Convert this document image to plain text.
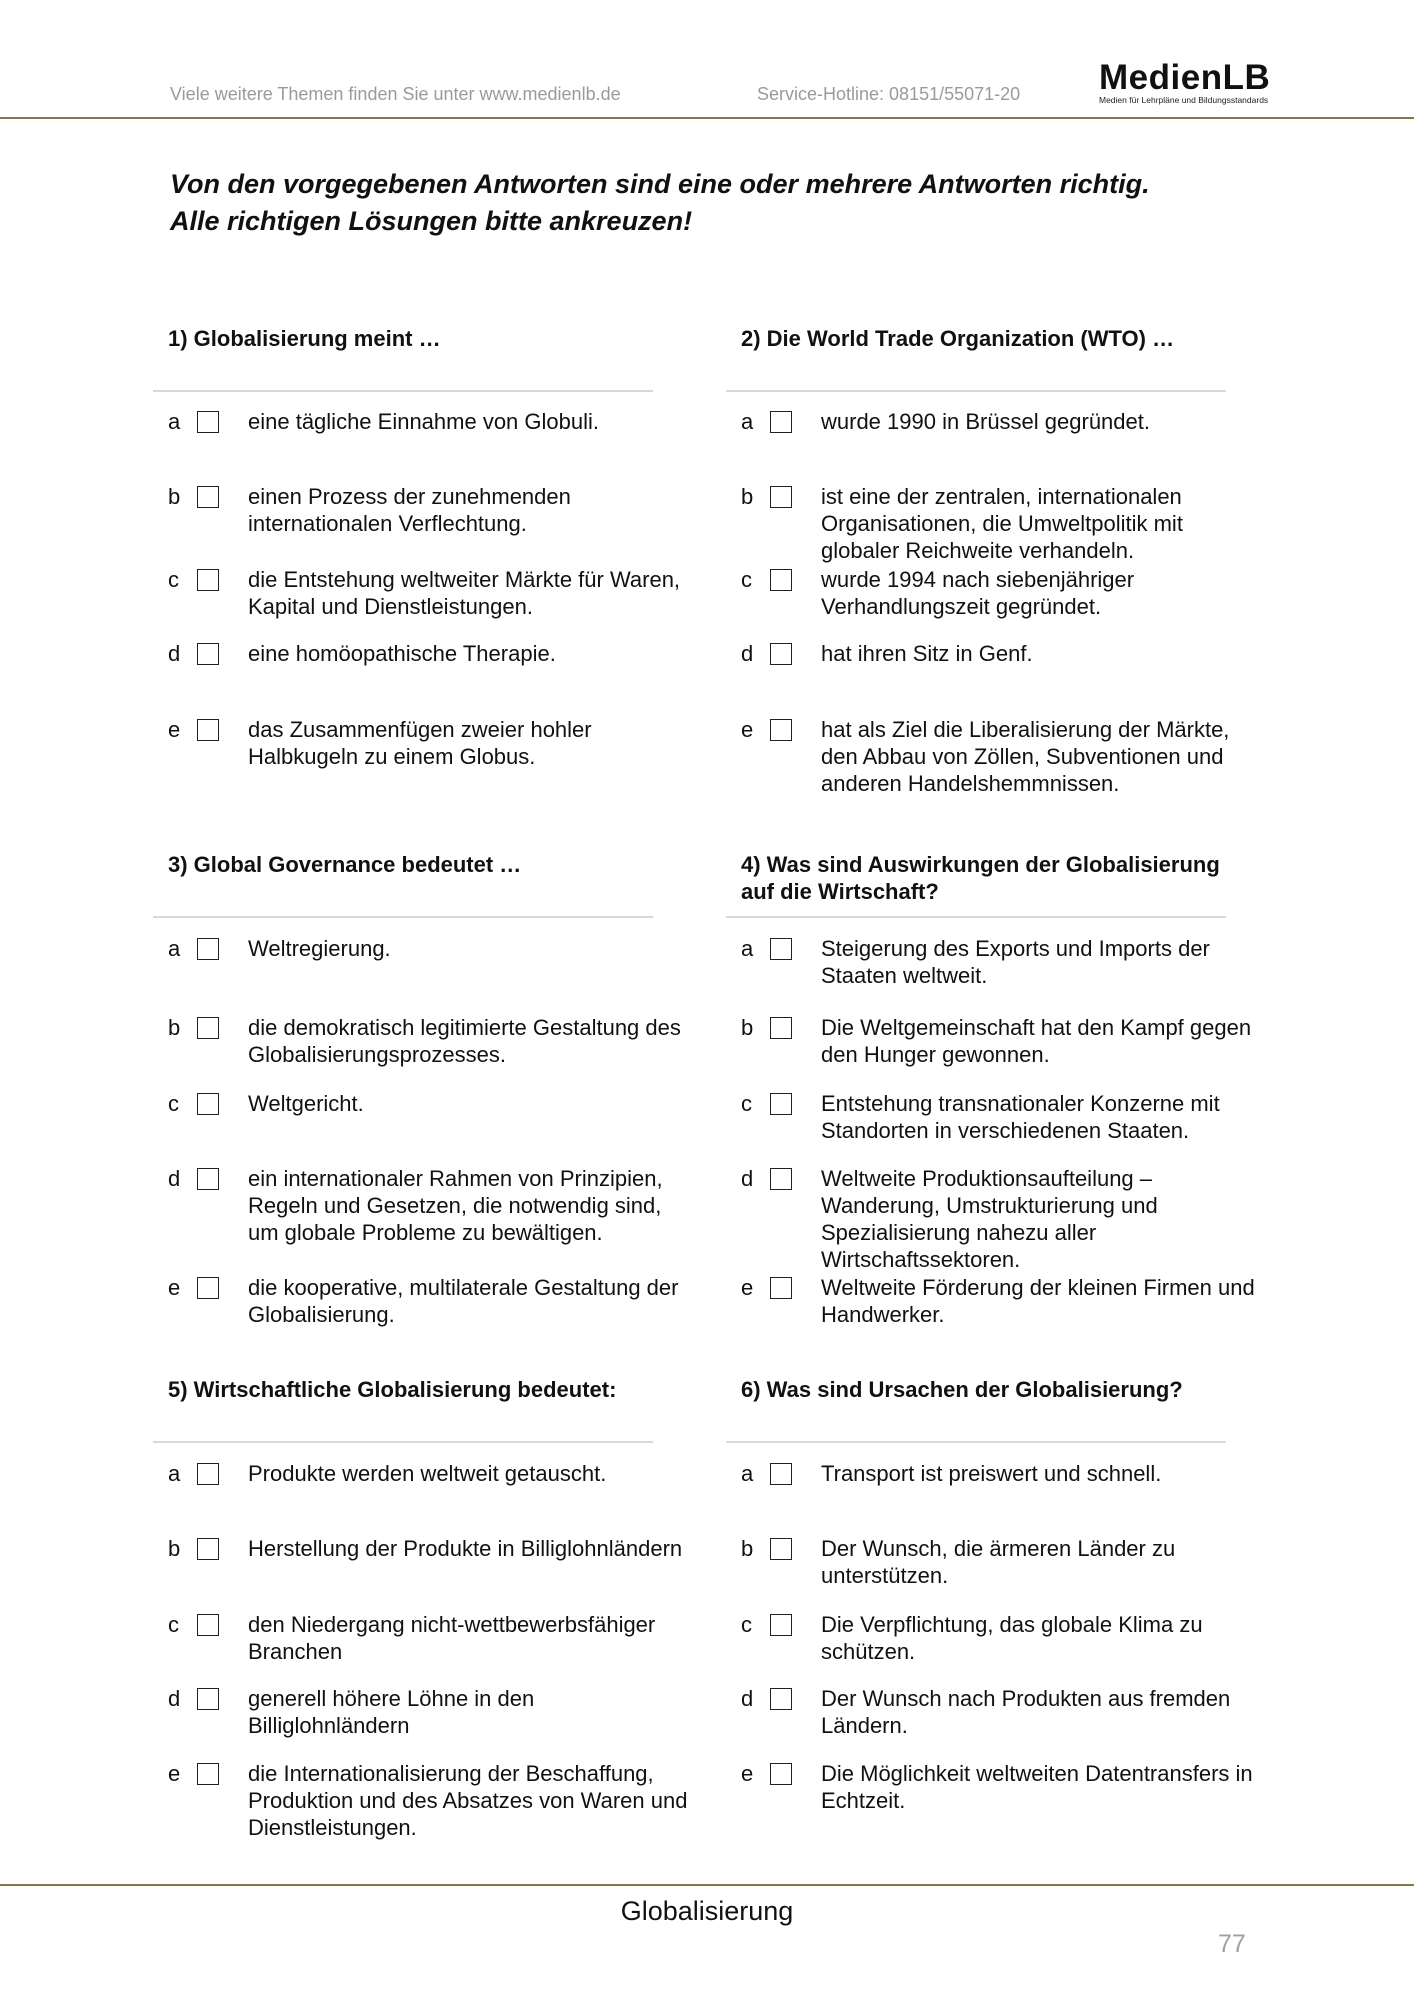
Viele weitere Themen finden Sie unter www.medienlb.de	Service-Hotline: 08151/55071-20 MedienLB
Medien für Lehrpläne und Bildungsstandards
Von den vorgegebenen Antworten sind eine oder mehrere Antworten richtig.
Alle richtigen Lösungen bitte ankreuzen!
1) Globalisierung meint …	2) Die World Trade Organization (WTO) …
3) Global Governance bedeutet …	4) Was sind Auswirkungen der Globalisierung auf die Wirtschaft?
5) Wirtschaftliche Globalisierung bedeutet:	6) Was sind Ursachen der Globalisierung?
a	eine tägliche Einnahme von Globuli.
b	einen Prozess der zunehmenden internationalen Verflechtung.
c	die Entstehung weltweiter Märkte für Waren, Kapital und Dienstleistungen.
d	eine homöopathische Therapie.
e	das Zusammenfügen zweier hohler Halbkugeln zu einem Globus.
a	wurde 1990 in Brüssel gegründet.
b	ist eine der zentralen, internationalen Organisationen, die Umweltpolitik mit globaler Reichweite verhandeln.
c	wurde 1994 nach siebenjähriger Verhandlungszeit gegründet.
d	hat ihren Sitz in Genf.
e	hat als Ziel die Liberalisierung der Märkte, den Abbau von Zöllen, Subventionen und anderen Handelshemmnissen.
a	Weltregierung.
b	die demokratisch legitimierte Gestaltung des Globalisierungsprozesses.
c	Weltgericht.
d	ein internationaler Rahmen von Prinzipien, Regeln und Gesetzen, die notwendig sind, um globale Probleme zu bewältigen.
e	die kooperative, multilaterale Gestaltung der Globalisierung.
a	Steigerung des Exports und Imports der Staaten weltweit.
b	Die Weltgemeinschaft hat den Kampf gegen den Hunger gewonnen.
c	Entstehung transnationaler Konzerne mit Standorten in verschiedenen Staaten.
d	Weltweite Produktionsaufteilung – Wanderung, Umstrukturierung und Spezialisierung nahezu aller Wirtschaftssektoren.
e	Weltweite Förderung der kleinen Firmen und Handwerker.
a	Produkte werden weltweit getauscht.
b	Herstellung der Produkte in Billiglohnländern
c	den Niedergang nicht-wettbewerbsfähiger Branchen
d	generell höhere Löhne in den Billiglohnländern
e	die Internationalisierung der Beschaffung, Produktion und des Absatzes von Waren und Dienstleistungen.
a	Transport ist preiswert und schnell.
b	Der Wunsch, die ärmeren Länder zu unterstützen.
c	Die Verpflichtung, das globale Klima zu schützen.
d	Der Wunsch nach Produkten aus fremden Ländern.
e	Die Möglichkeit weltweiten Datentransfers in Echtzeit.
Globalisierung
77
